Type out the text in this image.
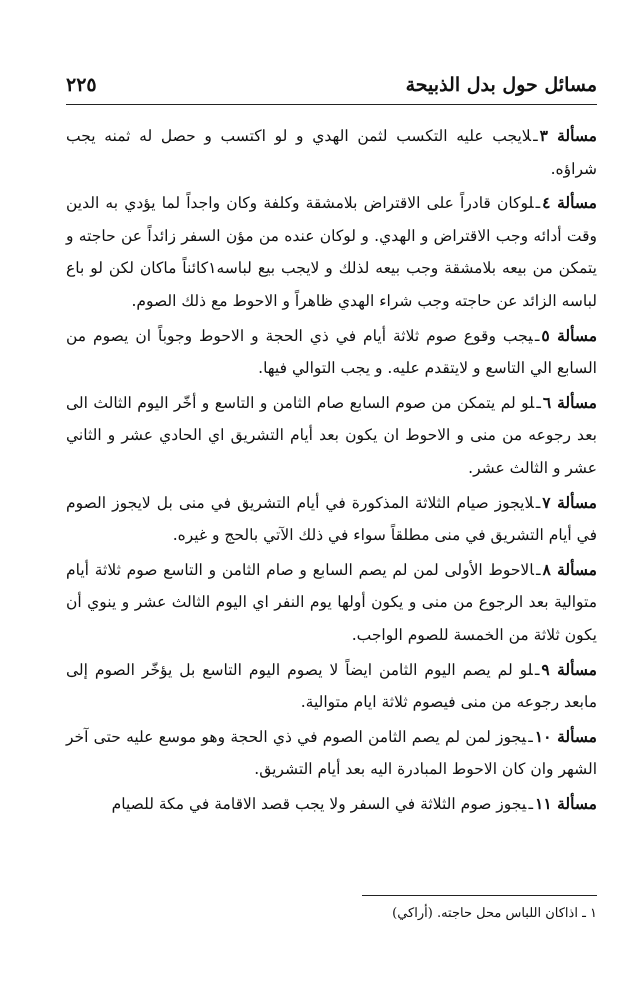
مسائل حول بدل الذبيحة
٢٢٥

مسألة ٣ـلايجب عليه التكسب لثمن الهدي و لو اكتسب و حصل له ثمنه يجب شراؤه.

مسألة ٤ـلوكان قادراً على الاقتراض بلامشقة وكلفة وكان واجداً لما يؤدي به الدين وقت أدائه وجب الاقتراض و الهدي. و لوكان عنده من مؤن السفر زائداً عن حاجته و يتمكن من بيعه بلامشقة وجب بيعه لذلك و لايجب بيع لباسه١كائناً ماكان لكن لو باع لباسه الزائد عن حاجته وجب شراء الهدي ظاهراً و الاحوط مع ذلك الصوم.

مسألة ٥ـيجب وقوع صوم ثلاثة أيام في ذي الحجة و الاحوط وجوباً ان يصوم من السابع الي التاسع و لايتقدم عليه. و يجب التوالي فيها.

مسألة ٦ـلو لم يتمكن من صوم السابع صام الثامن و التاسع و أخّر اليوم الثالث الى بعد رجوعه من منى و الاحوط ان يكون بعد أيام التشريق اي الحادي عشر و الثاني عشر و الثالث عشر.

مسألة ٧ـلايجوز صيام الثلاثة المذكورة في أيام التشريق في منى بل لايجوز الصوم في أيام التشريق في منى مطلقاً سواء في ذلك الآتي بالحج و غيره.

مسألة ٨ـالاحوط الأولى لمن لم يصم السابع و صام الثامن و التاسع صوم ثلاثة أيام متوالية بعد الرجوع من منى و يكون أولها يوم النفر اي اليوم الثالث عشر و ينوي أن يكون ثلاثة من الخمسة للصوم الواجب.

مسألة ٩ـلو لم يصم اليوم الثامن ايضاً لا يصوم اليوم التاسع بل يؤخّر الصوم إلى مابعد رجوعه من منى فيصوم ثلاثة ايام متوالية.

مسألة ١٠ـيجوز لمن لم يصم الثامن الصوم في ذي الحجة وهو موسع عليه حتى آخر الشهر وان كان الاحوط المبادرة اليه بعد أيام التشريق.

مسألة ١١ـيجوز صوم الثلاثة في السفر ولا يجب قصد الاقامة في مكة للصيام

١ ـ اذاكان اللباس محل حاجته. (أراكي)
